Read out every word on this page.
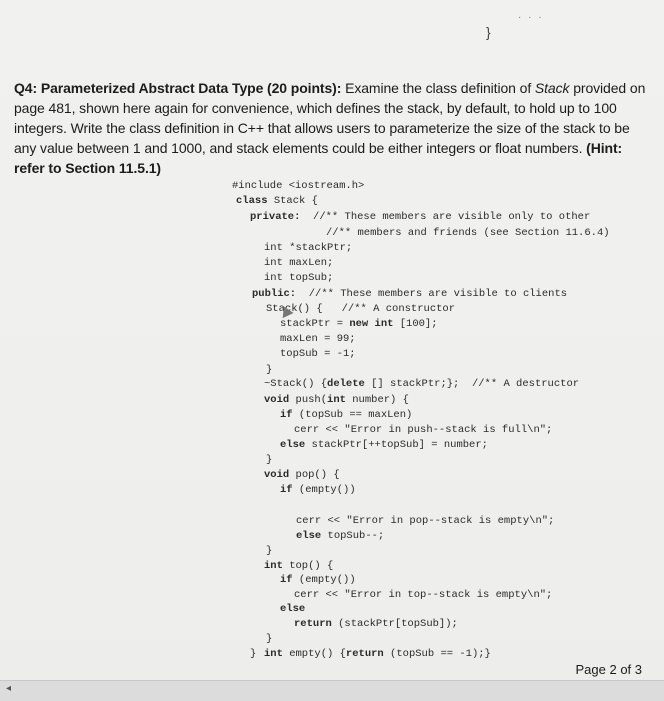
· · ·
}
Q4: Parameterized Abstract Data Type (20 points): Examine the class definition of Stack provided on page 481, shown here again for convenience, which defines the stack, by default, to hold up to 100 integers. Write the class definition in C++ that allows users to parameterize the size of the stack to be any value between 1 and 1000, and stack elements could be either integers or float numbers. (Hint: refer to Section 11.5.1)
#include <iostream.h>
class Stack {
private:  //** These members are visible only to other
//** members and friends (see Section 11.6.4)
int *stackPtr;
int maxLen;
int topSub;
public:  //** These members are visible to clients
Stack() {   //** A constructor
stackPtr = new int [100];
maxLen = 99;
topSub = -1;
}
~Stack() {delete [] stackPtr;};  //** A destructor
void push(int number) {
if (topSub == maxLen)
cerr << "Error in push--stack is full\n";
else stackPtr[++topSub] = number;
}
void pop() {
if (empty())
cerr << "Error in pop--stack is empty\n";
else topSub--;
}
int top() {
if (empty())
cerr << "Error in top--stack is empty\n";
else
return (stackPtr[topSub]);
}
int empty() {return (topSub == -1);}
}
Page 2 of 3
◂
